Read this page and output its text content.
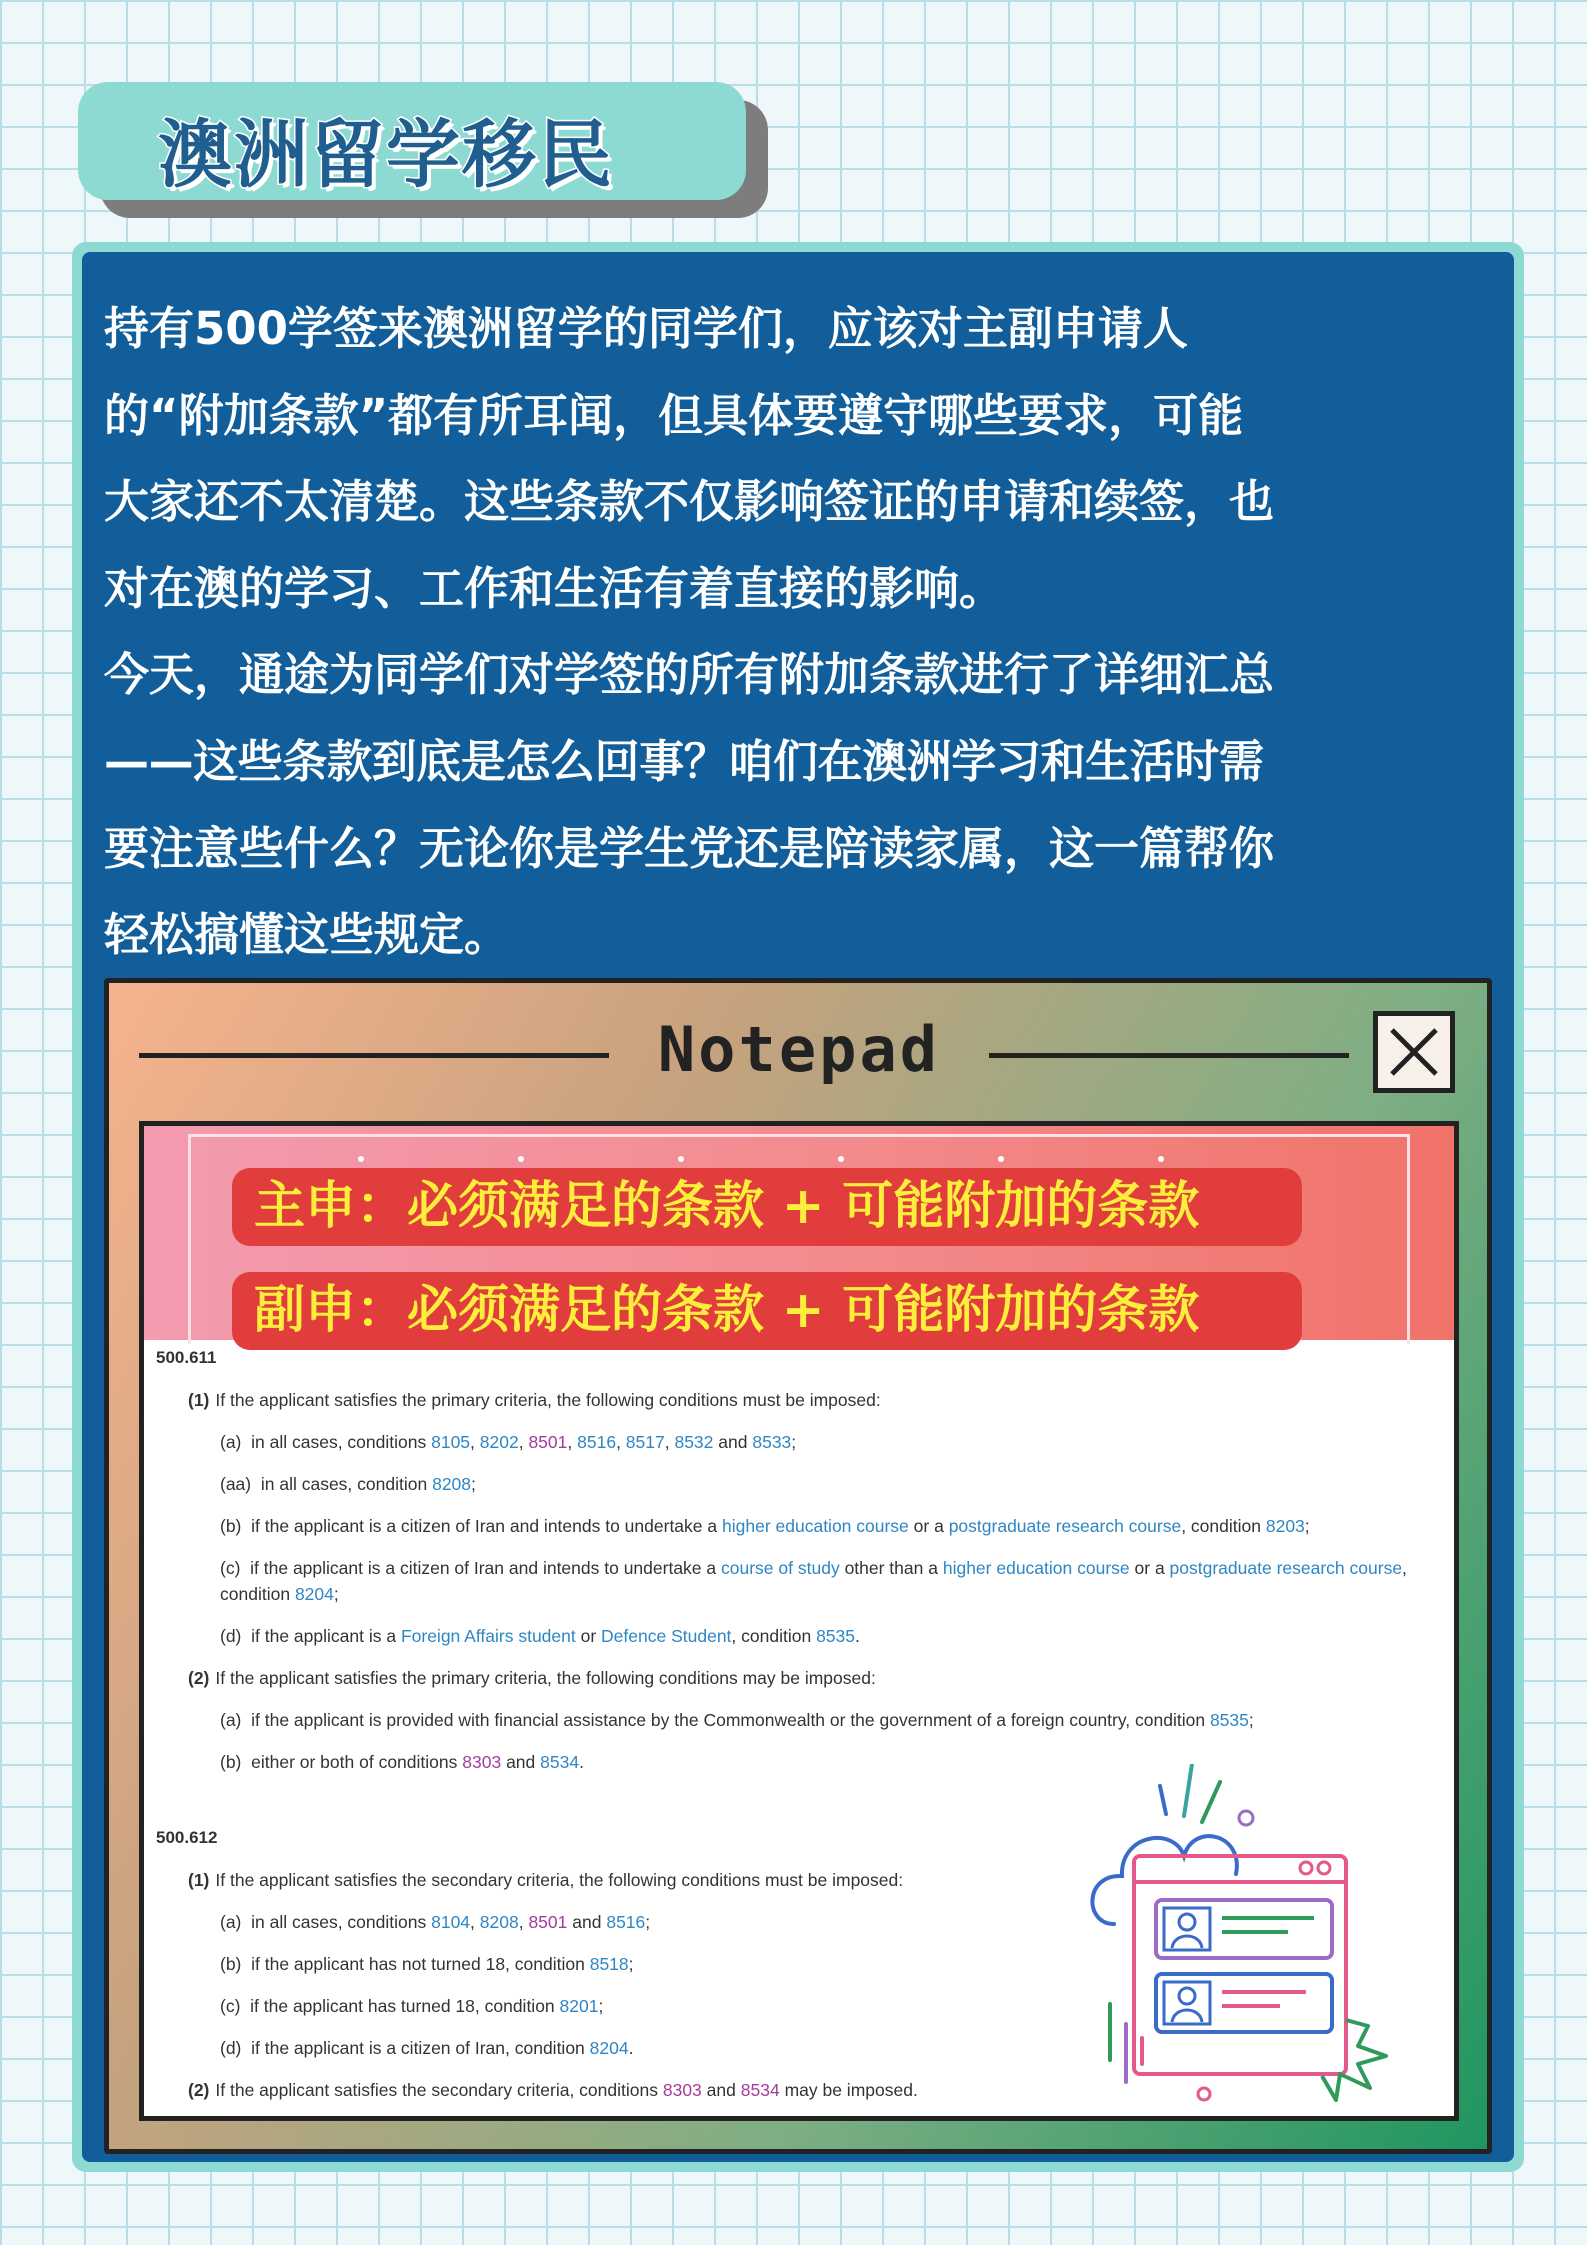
澳洲留学移民

持有500学签来澳洲留学的同学们，应该对主副申请人

的“附加条款”都有所耳闻，但具体要遵守哪些要求，可能

大家还不太清楚。这些条款不仅影响签证的申请和续签，也

对在澳的学习、工作和生活有着直接的影响。

今天，通途为同学们对学签的所有附加条款进行了详细汇总

——这些条款到底是怎么回事？咱们在澳洲学习和生活时需

要注意些什么？无论你是学生党还是陪读家属，这一篇帮你

轻松搞懂这些规定。

Notepad
主申：必须满足的条款 + 可能附加的条款
副申：必须满足的条款 + 可能附加的条款
500.611
(1) If the applicant satisfies the primary criteria, the following conditions must be imposed:
(a) in all cases, conditions 8105, 8202, 8501, 8516, 8517, 8532 and 8533;
(aa) in all cases, condition 8208;
(b) if the applicant is a citizen of Iran and intends to undertake a higher education course or a postgraduate research course, condition 8203;
(c) if the applicant is a citizen of Iran and intends to undertake a course of study other than a higher education course or a postgraduate research course,
condition 8204;
(d) if the applicant is a Foreign Affairs student or Defence Student, condition 8535.
(2) If the applicant satisfies the primary criteria, the following conditions may be imposed:
(a) if the applicant is provided with financial assistance by the Commonwealth or the government of a foreign country, condition 8535;
(b) either or both of conditions 8303 and 8534.
500.612
(1) If the applicant satisfies the secondary criteria, the following conditions must be imposed:
(a) in all cases, conditions 8104, 8208, 8501 and 8516;
(b) if the applicant has not turned 18, condition 8518;
(c) if the applicant has turned 18, condition 8201;
(d) if the applicant is a citizen of Iran, condition 8204.
(2) If the applicant satisfies the secondary criteria, conditions 8303 and 8534 may be imposed.
